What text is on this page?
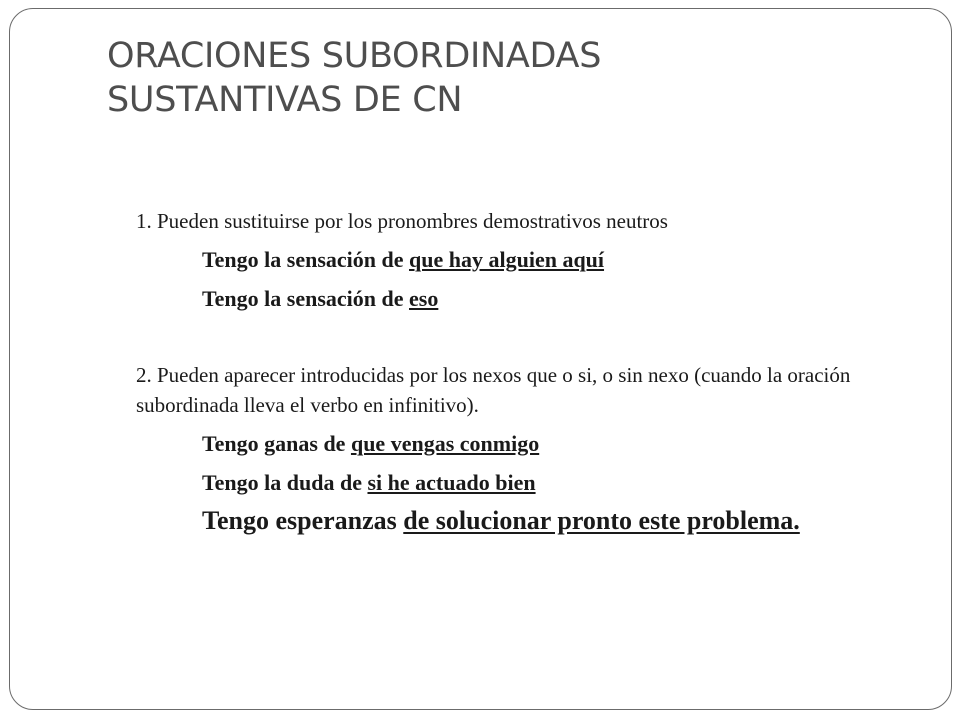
ORACIONES SUBORDINADAS
SUSTANTIVAS DE CN

1. Pueden sustituirse por los pronombres demostrativos neutros

Tengo la sensación de que hay alguien aquí

Tengo la sensación de eso

2. Pueden aparecer introducidas por los nexos que o si, o sin nexo (cuando la oración subordinada lleva el verbo en infinitivo).

Tengo ganas de que vengas conmigo

Tengo la duda de si he actuado bien

Tengo esperanzas de solucionar pronto este problema.
